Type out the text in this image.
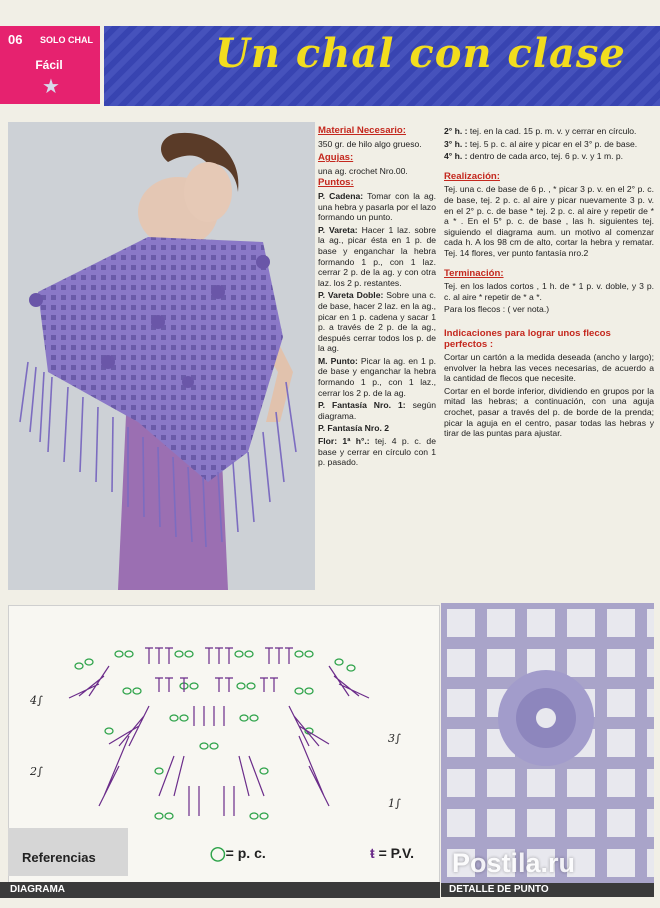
06 SOLO CHAL
Fácil
★
Un chal con clase
Material Necesario:

350 gr. de hilo algo grueso.

Agujas:

una ag. crochet Nro.00.

Puntos:

P. Cadena: Tomar con la ag. una hebra y pasarla por el lazo formando un punto.

P. Vareta: Hacer 1 laz. sobre la ag., picar ésta en 1 p. de base y enganchar la hebra formando 1 p., con 1 laz. cerrar 2 p. de la ag. y con otra laz. los 2 p. restantes.

P. Vareta Doble: Sobre una c. de base, hacer 2 laz. en la ag., picar en 1 p. cadena y sacar 1 p. a través de 2 p. de la ag., después cerrar todos los p. de la ag.

M. Punto: Picar la ag. en 1 p. de base y enganchar la hebra formando 1 p., con 1 laz., cerrar los 2 p. de la ag.

P. Fantasía Nro. 1: según diagrama.

P. Fantasía Nro. 2

Flor: 1ª h°.: tej. 4 p. c. de base y cerrar en círculo con 1 p. pasado.

2° h. : tej. en la cad. 15 p. m. v. y cerrar en círculo.

3° h. : tej. 5 p. c. al aire y picar en el 3° p. de base.

4° h. : dentro de cada arco, tej. 6 p. v. y 1 m. p.

Realización:

Tej. una c. de base de 6 p. , * picar 3 p. v. en el 2° p. c. de base, tej. 2 p. c. al aire y picar nuevamente 3 p. v. en el 2° p. c. de base * tej. 2 p. c. al aire y repetir de * a * . En el 5° p. c. de base , las h. siguientes tej. siguiendo el diagrama aum. un motivo al comenzar cada h. A los 98 cm de alto, cortar la hebra y rematar. Tej. 14 flores, ver punto fantasía nro.2

Terminación:

Tej. en los lados cortos , 1 h. de * 1 p. v. doble, y 3 p. c. al aire * repetir de * a *.

Para los flecos : ( ver nota.)

Indicaciones para lograr unos flecos perfectos :

Cortar un cartón a la medida deseada (ancho y largo); envolver la hebra las veces necesarias, de acuerdo a la cantidad de flecos que necesite.

Cortar en el borde inferior, dividiendo en grupos por la mitad las hebras; a continuación, con una aguja crochet, pasar a través del p. de borde de la prenda; picar la aguja en el centro, pasar todas las hebras y tirar de las puntas para ajustar.

4∫
3∫
2∫
1∫
Referencias	◯= p. c.	ŧ = P.V.
DIAGRAMA
Postila.ru
DETALLE DE PUNTO
